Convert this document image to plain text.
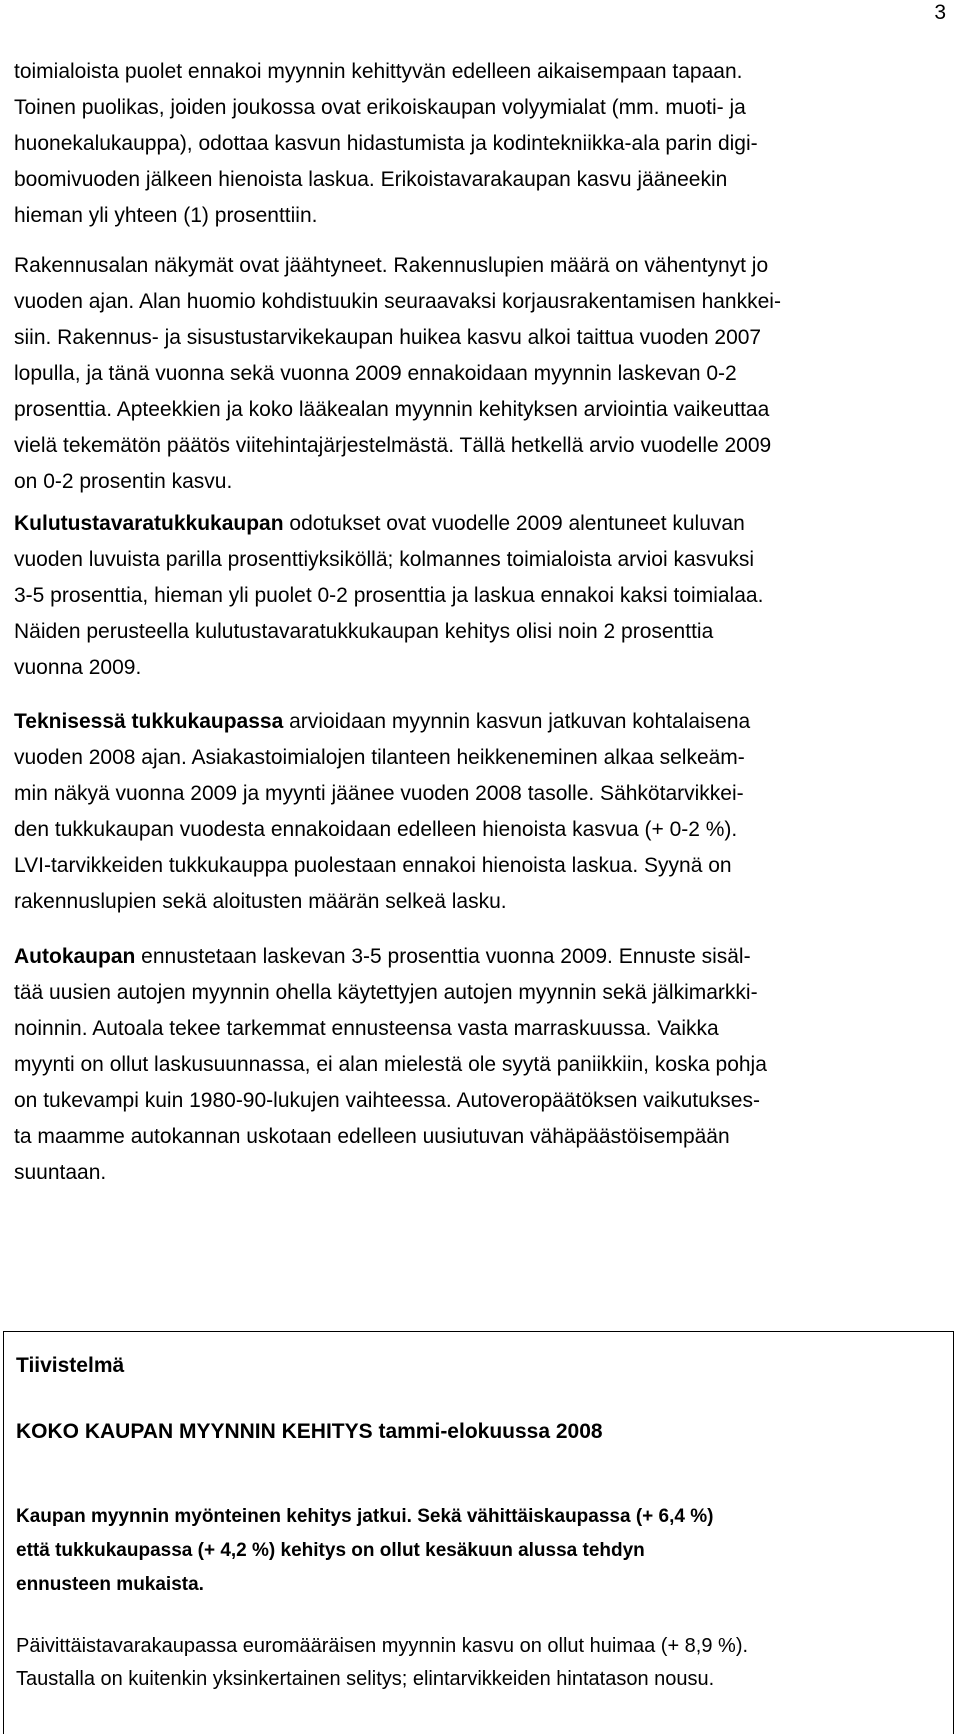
3

toimialoista puolet ennakoi myynnin kehittyvän edelleen aikaisempaan tapaan.
Toinen puolikas, joiden joukossa ovat erikoiskaupan volyymialat (mm. muoti- ja
huonekalukauppa), odottaa kasvun hidastumista ja kodintekniikka-ala parin digi-
boomivuoden jälkeen hienoista laskua. Erikoistavarakaupan kasvu jääneekin
hieman yli yhteen (1) prosenttiin.

Rakennusalan näkymät ovat jäähtyneet. Rakennuslupien määrä on vähentynyt jo
vuoden ajan. Alan huomio kohdistuukin seuraavaksi korjausrakentamisen hankkei-
siin. Rakennus- ja sisustustarvikekaupan huikea kasvu alkoi taittua vuoden 2007
lopulla, ja tänä vuonna sekä vuonna 2009 ennakoidaan myynnin laskevan 0-2
prosenttia. Apteekkien ja koko lääkealan myynnin kehityksen arviointia vaikeuttaa
vielä tekemätön päätös viitehintajärjestelmästä. Tällä hetkellä arvio vuodelle 2009
on 0-2 prosentin kasvu.

Kulutustavaratukkukaupan odotukset ovat vuodelle 2009 alentuneet kuluvan
vuoden luvuista parilla prosenttiyksiköllä; kolmannes toimialoista arvioi kasvuksi
3-5 prosenttia, hieman yli puolet 0-2 prosenttia ja laskua ennakoi kaksi toimialaa.
Näiden perusteella kulutustavaratukkukaupan kehitys olisi noin 2 prosenttia
vuonna 2009.

Teknisessä tukkukaupassa arvioidaan myynnin kasvun jatkuvan kohtalaisena
vuoden 2008 ajan. Asiakastoimialojen tilanteen heikkeneminen alkaa selkeäm-
min näkyä vuonna 2009 ja myynti jäänee vuoden 2008 tasolle. Sähkötarvikkei-
den tukkukaupan vuodesta ennakoidaan edelleen hienoista kasvua (+ 0-2 %).
LVI-tarvikkeiden tukkukauppa puolestaan ennakoi hienoista laskua. Syynä on
rakennuslupien sekä aloitusten määrän selkeä lasku.

Autokaupan ennustetaan laskevan 3-5 prosenttia vuonna 2009. Ennuste sisäl-
tää uusien autojen myynnin ohella käytettyjen autojen myynnin sekä jälkimarkki-
noinnin. Autoala tekee tarkemmat ennusteensa vasta marraskuussa. Vaikka
myynti on ollut laskusuunnassa, ei alan mielestä ole syytä paniikkiin, koska pohja
on tukevampi kuin 1980-90-lukujen vaihteessa. Autoveropäätöksen vaikutukses-
ta maamme autokannan uskotaan edelleen uusiutuvan vähäpäästöisempään
suuntaan.

Tiivistelmä
KOKO KAUPAN MYYNNIN KEHITYS tammi-elokuussa 2008

Kaupan myynnin myönteinen kehitys jatkui. Sekä vähittäiskaupassa (+ 6,4 %)
että tukkukaupassa (+ 4,2 %) kehitys on ollut kesäkuun alussa tehdyn
ennusteen mukaista.

Päivittäistavarakaupassa euromääräisen myynnin kasvu on ollut huimaa (+ 8,9 %).
Taustalla on kuitenkin yksinkertainen selitys; elintarvikkeiden hintatason nousu.
